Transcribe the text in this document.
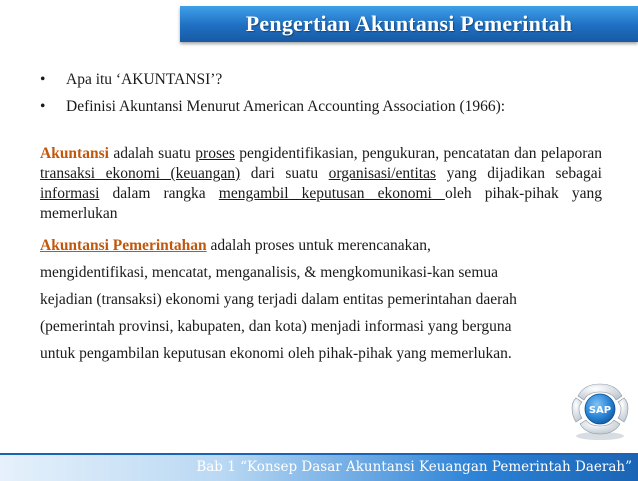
Pengertian Akuntansi Pemerintah
• Apa itu ‘AKUNTANSI’?
• Definisi Akuntansi Menurut American Accounting Association (1966):
Akuntansi adalah suatu proses pengidentifikasian, pengukuran, pencatatan dan pelaporan transaksi ekonomi (keuangan) dari suatu organisasi/entitas yang dijadikan sebagai informasi dalam rangka mengambil keputusan ekonomi oleh pihak-pihak yang memerlukan
Akuntansi Pemerintahan adalah proses untuk merencanakan,
mengidentifikasi, mencatat, menganalisis, & mengkomunikasi-kan semua
kejadian (transaksi) ekonomi yang terjadi dalam entitas pemerintahan daerah
(pemerintah provinsi, kabupaten, dan kota) menjadi informasi yang berguna
untuk pengambilan keputusan ekonomi oleh pihak-pihak yang memerlukan.
SAP
Bab 1 “Konsep Dasar Akuntansi Keuangan Pemerintah Daerah”
